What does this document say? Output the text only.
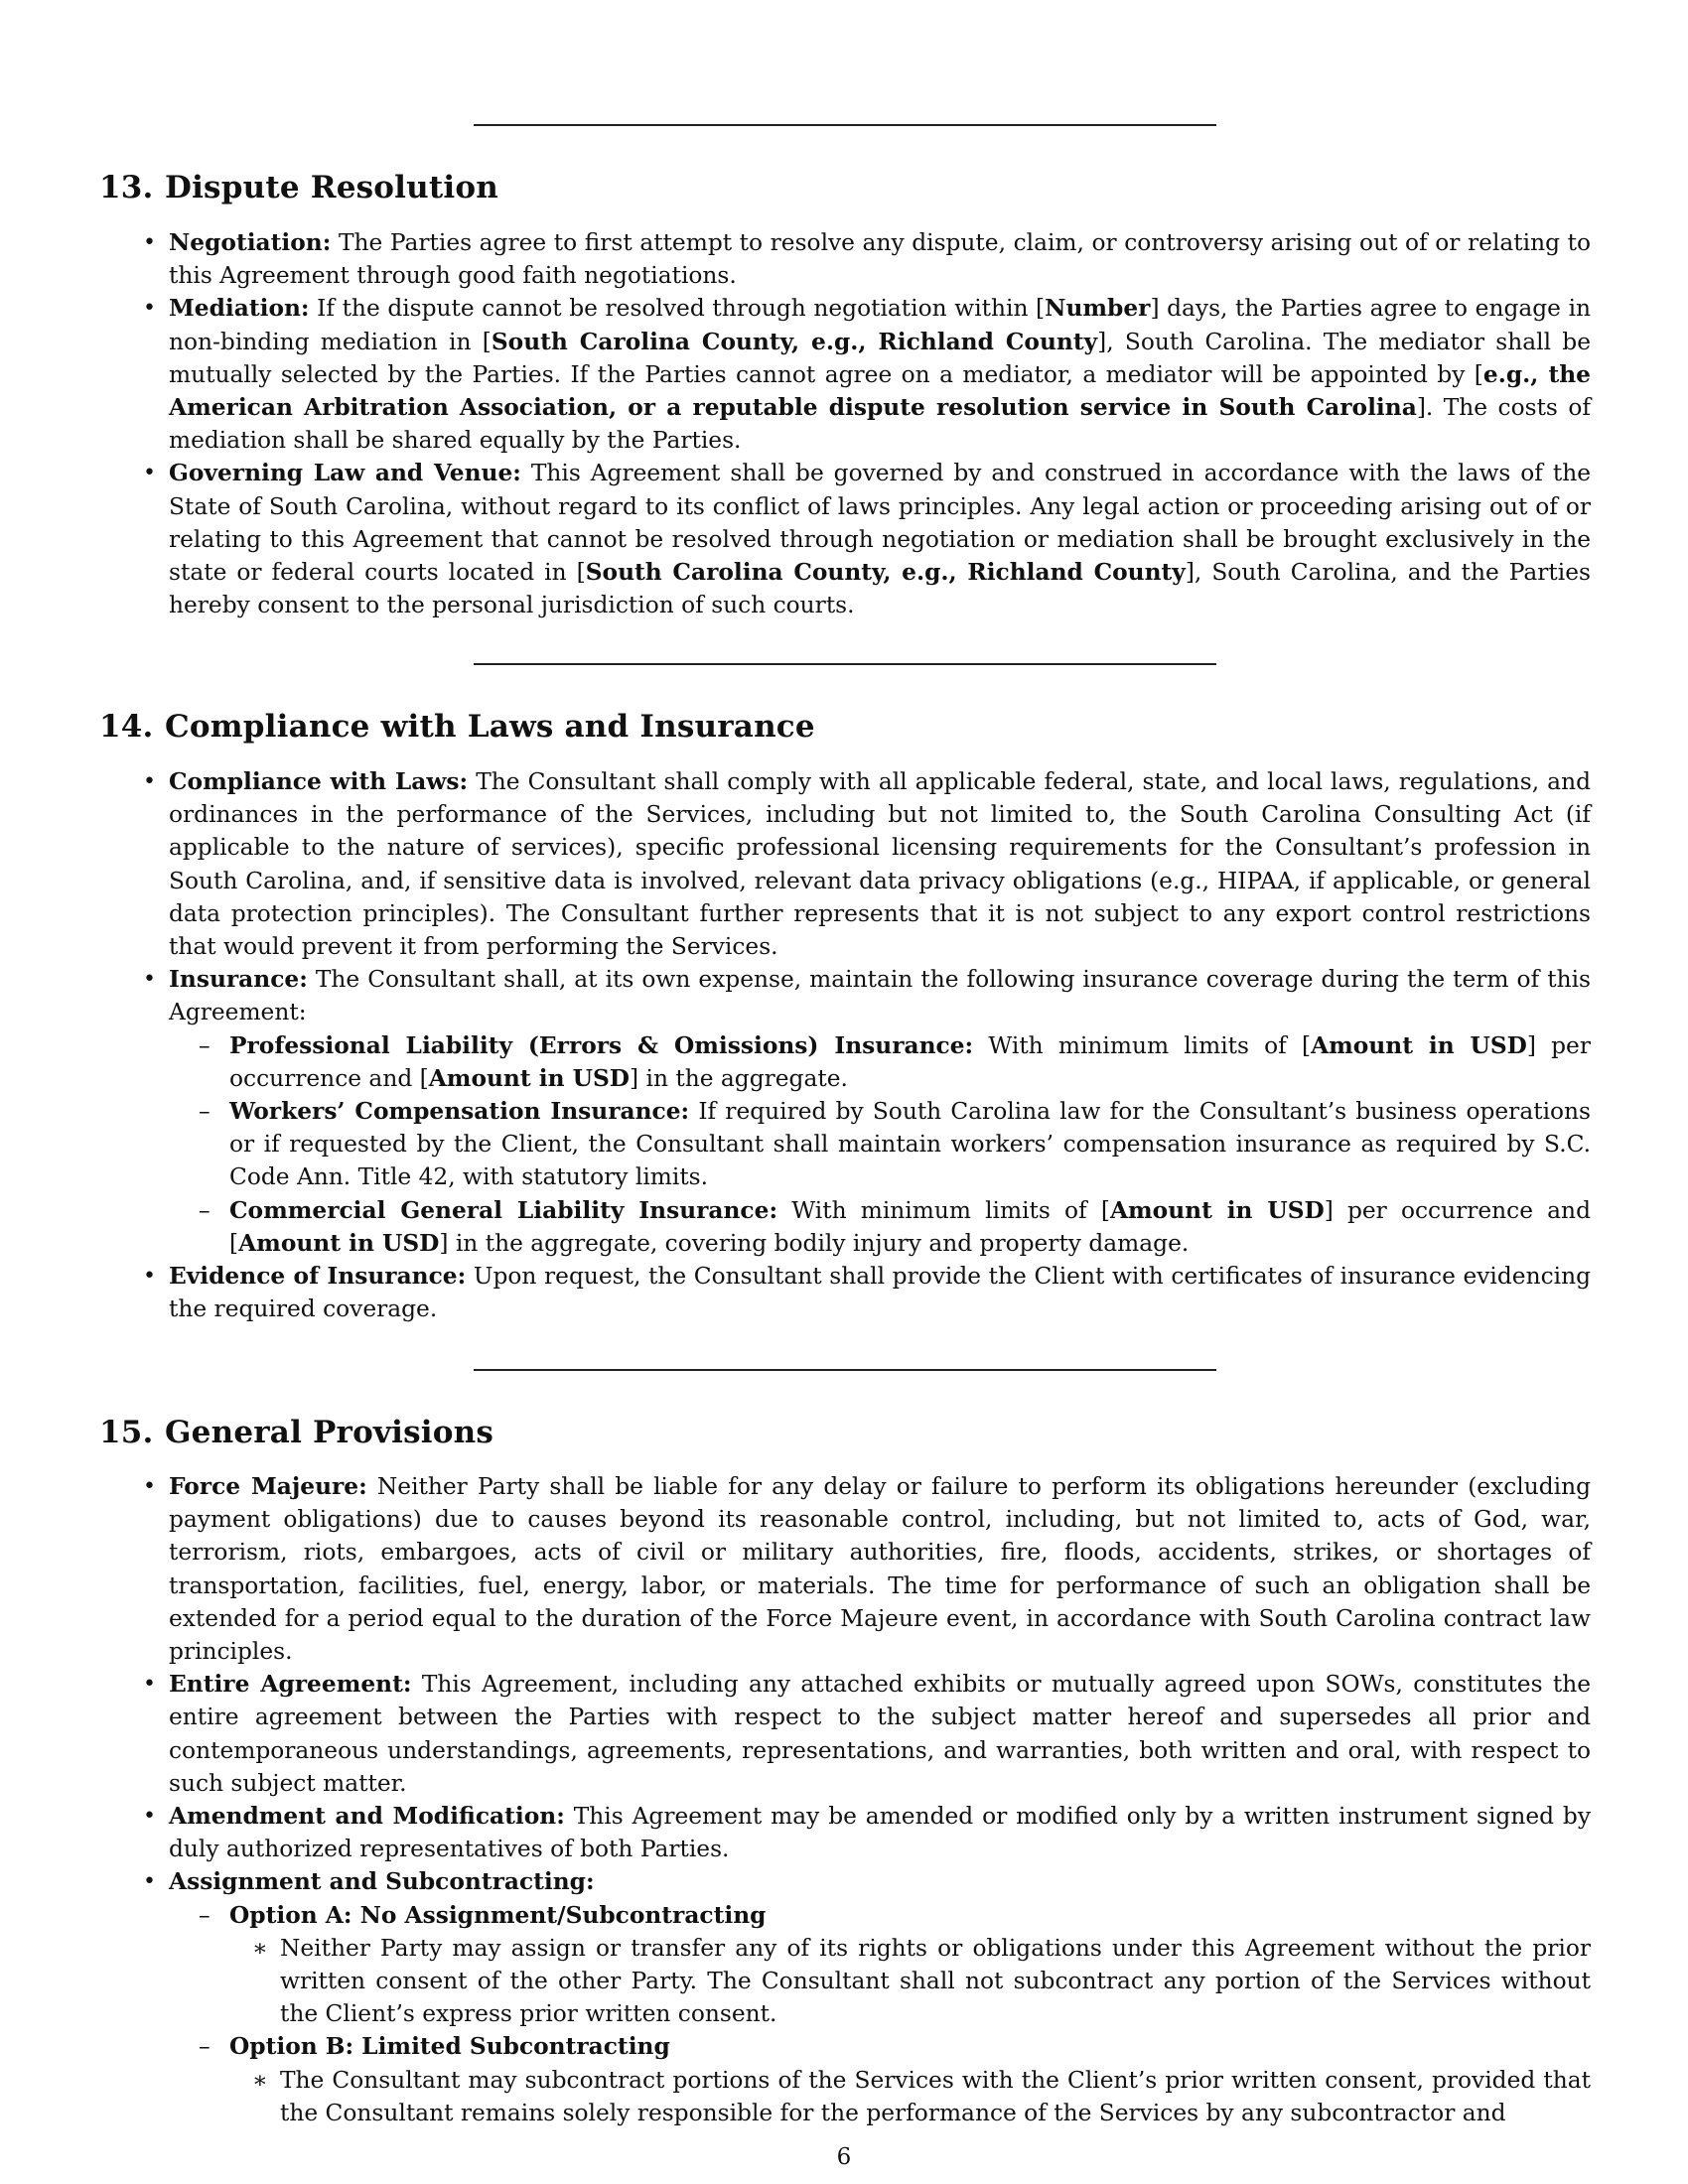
13. Dispute Resolution
• Negotiation: The Parties agree to first attempt to resolve any dispute, claim, or controversy arising out of or relating to this Agreement through good faith negotiations.
• Mediation: If the dispute cannot be resolved through negotiation within [Number] days, the Parties agree to engage in non-binding mediation in [South Carolina County, e.g., Richland County], South Carolina. The mediator shall be mutually selected by the Parties. If the Parties cannot agree on a mediator, a mediator will be appointed by [e.g., the American Arbitration Association, or a reputable dispute resolution service in South Carolina]. The costs of mediation shall be shared equally by the Parties.
• Governing Law and Venue: This Agreement shall be governed by and construed in accordance with the laws of the State of South Carolina, without regard to its conflict of laws principles. Any legal action or proceeding arising out of or relating to this Agreement that cannot be resolved through negotiation or mediation shall be brought exclusively in the state or federal courts located in [South Carolina County, e.g., Richland County], South Carolina, and the Parties hereby consent to the personal jurisdiction of such courts.
14. Compliance with Laws and Insurance
• Compliance with Laws: The Consultant shall comply with all applicable federal, state, and local laws, regulations, and ordinances in the performance of the Services, including but not limited to, the South Carolina Consulting Act (if applicable to the nature of services), specific professional licensing requirements for the Consultant’s profession in South Carolina, and, if sensitive data is involved, relevant data privacy obligations (e.g., HIPAA, if applicable, or general data protection principles). The Consultant further represents that it is not subject to any export control restrictions that would prevent it from performing the Services.
• Insurance: The Consultant shall, at its own expense, maintain the following insurance coverage during the term of this Agreement:
– Professional Liability (Errors & Omissions) Insurance: With minimum limits of [Amount in USD] per occurrence and [Amount in USD] in the aggregate.
– Workers’ Compensation Insurance: If required by South Carolina law for the Consultant’s business operations or if requested by the Client, the Consultant shall maintain workers’ compensation insurance as required by S.C. Code Ann. Title 42, with statutory limits.
– Commercial General Liability Insurance: With minimum limits of [Amount in USD] per occurrence and [Amount in USD] in the aggregate, covering bodily injury and property damage.
• Evidence of Insurance: Upon request, the Consultant shall provide the Client with certificates of insurance evidencing the required coverage.
15. General Provisions
• Force Majeure: Neither Party shall be liable for any delay or failure to perform its obligations hereunder (excluding payment obligations) due to causes beyond its reasonable control, including, but not limited to, acts of God, war, terrorism, riots, embargoes, acts of civil or military authorities, fire, floods, accidents, strikes, or shortages of transportation, facilities, fuel, energy, labor, or materials. The time for performance of such an obligation shall be extended for a period equal to the duration of the Force Majeure event, in accordance with South Carolina contract law principles.
• Entire Agreement: This Agreement, including any attached exhibits or mutually agreed upon SOWs, constitutes the entire agreement between the Parties with respect to the subject matter hereof and supersedes all prior and contemporaneous understandings, agreements, representations, and warranties, both written and oral, with respect to such subject matter.
• Amendment and Modification: This Agreement may be amended or modified only by a written instrument signed by duly authorized representatives of both Parties.
• Assignment and Subcontracting:
– Option A: No Assignment/Subcontracting
∗ Neither Party may assign or transfer any of its rights or obligations under this Agreement without the prior written consent of the other Party. The Consultant shall not subcontract any portion of the Services without the Client’s express prior written consent.
– Option B: Limited Subcontracting
∗ The Consultant may subcontract portions of the Services with the Client’s prior written consent, provided that the Consultant remains solely responsible for the performance of the Services by any subcontractor and
6
